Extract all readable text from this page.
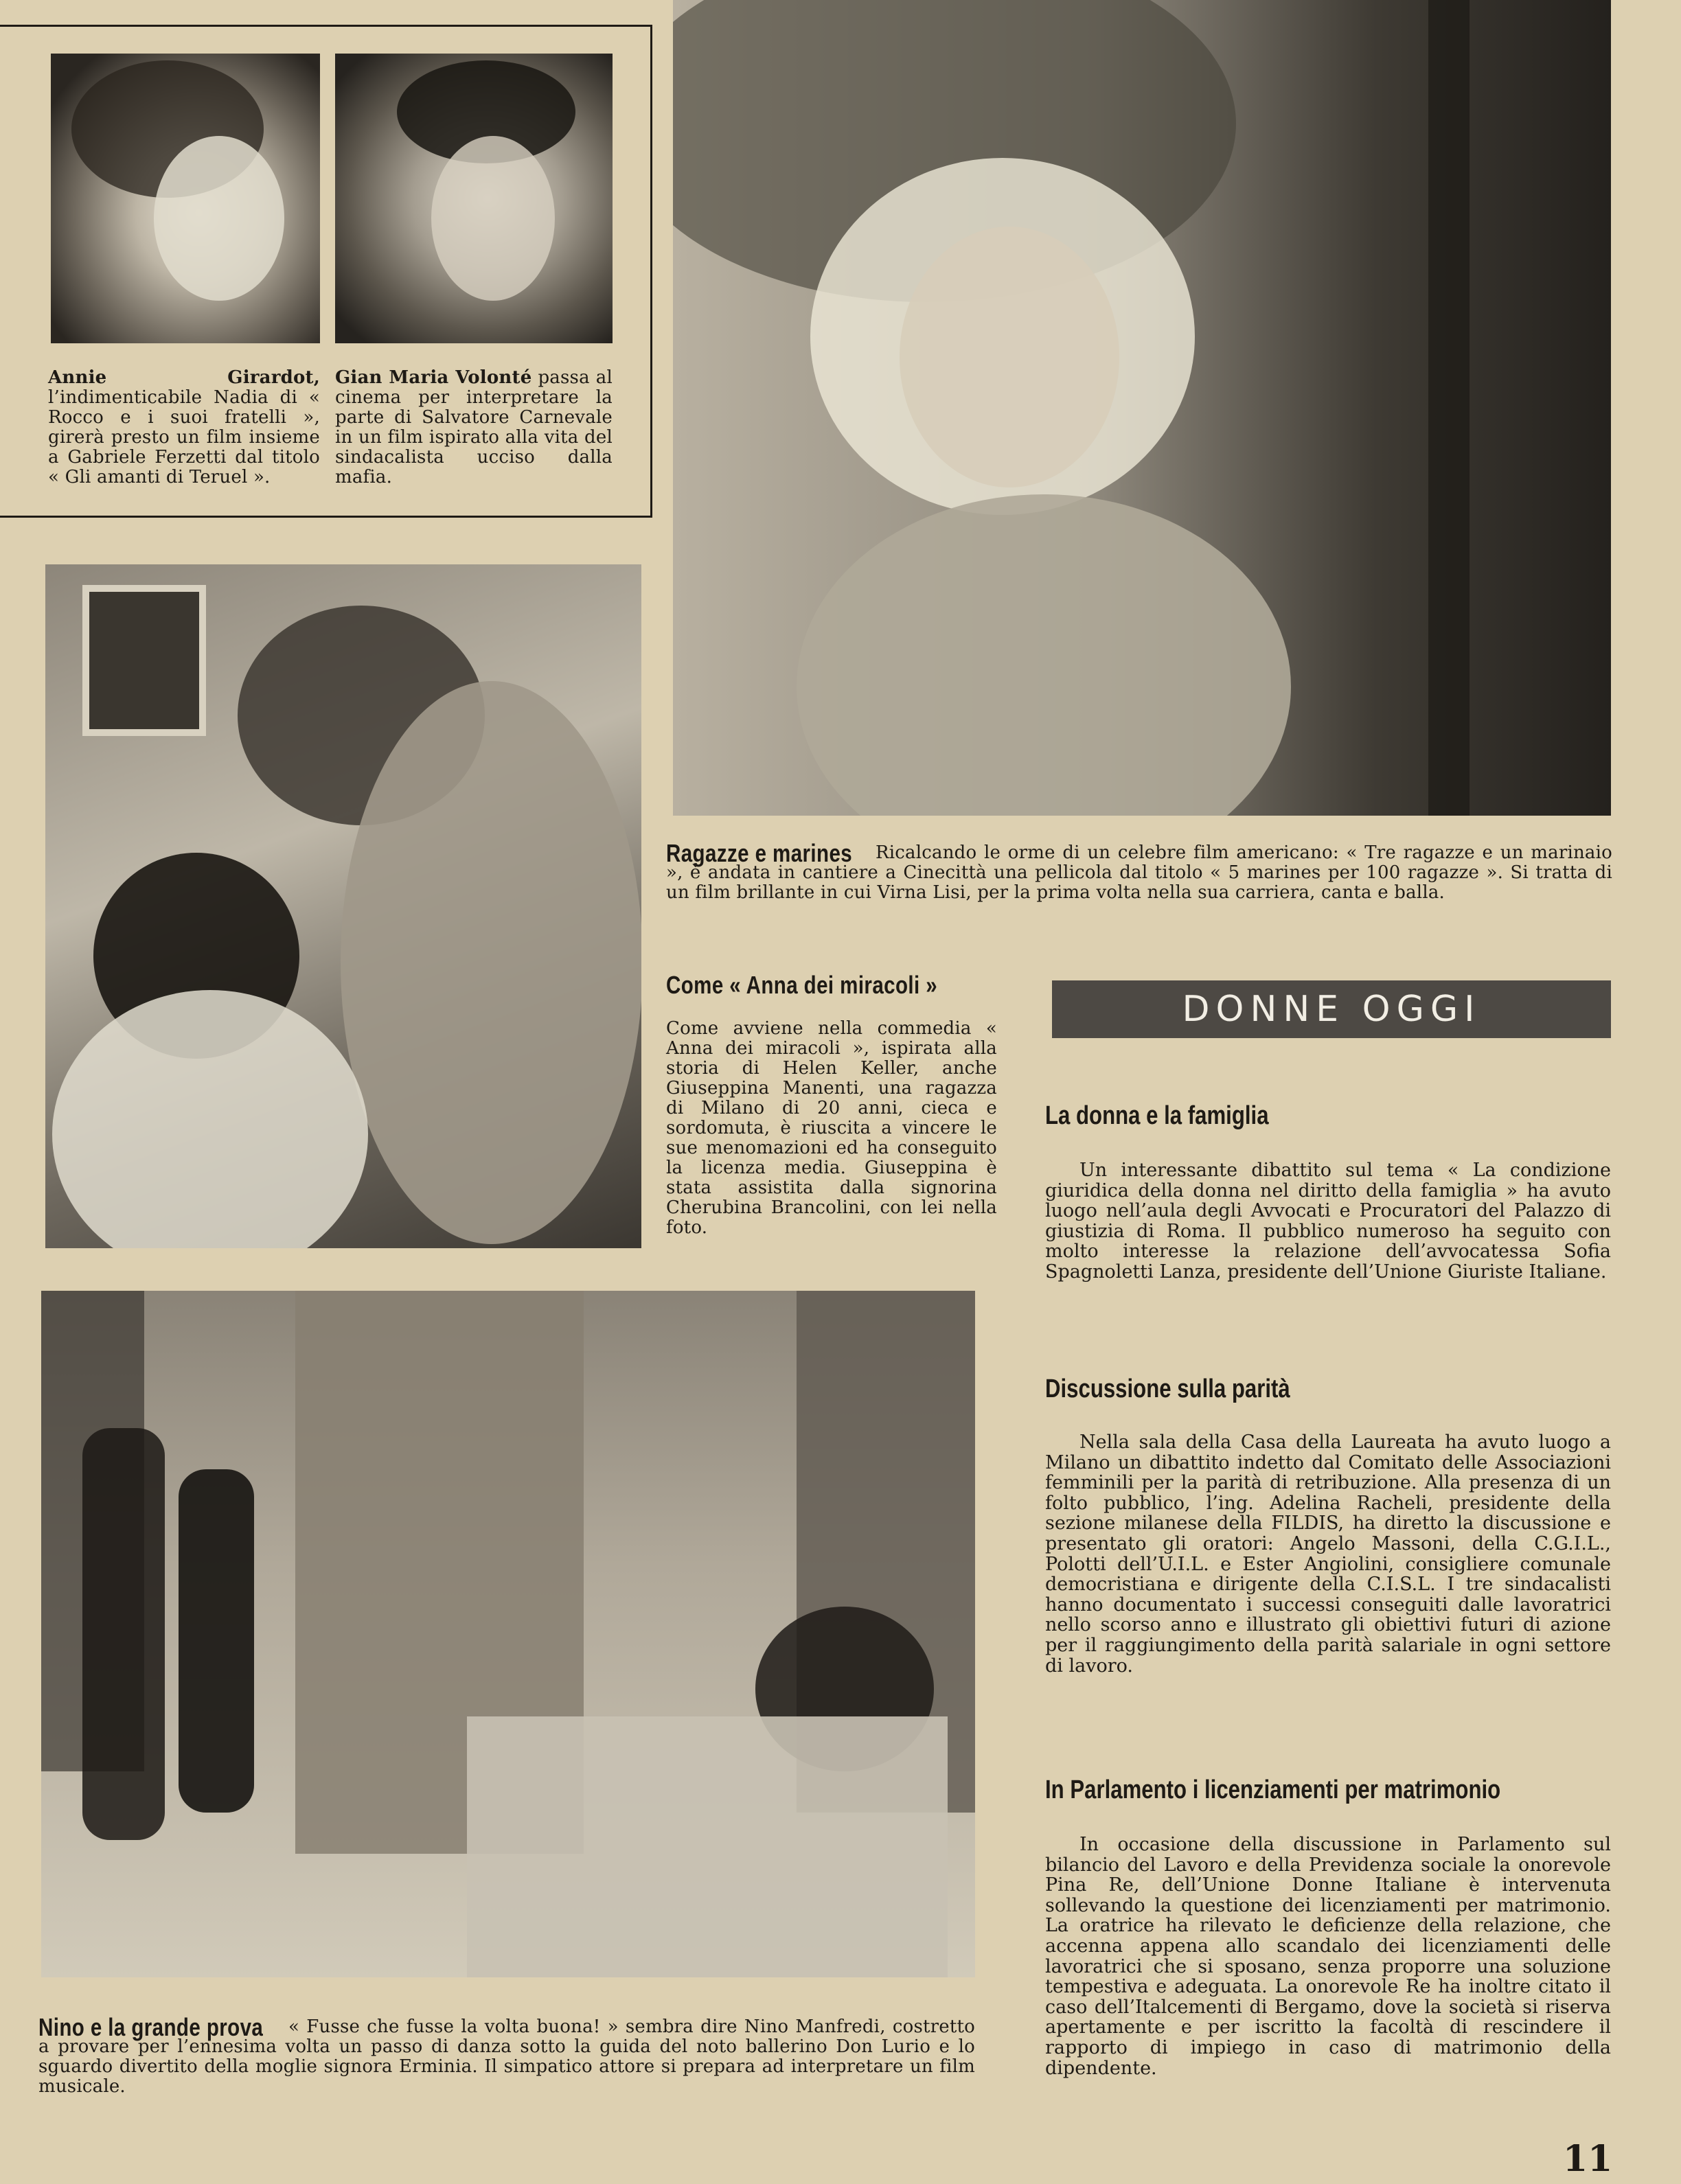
Annie Girardot, l’indimenticabile Nadia di « Rocco e i suoi fratelli », girerà presto un film insieme a Gabriele Ferzetti dal titolo « Gli amanti di Teruel ».
Gian Maria Volonté passa al cinema per interpretare la parte di Salvatore Carnevale in un film ispirato alla vita del sindacalista ucciso dalla mafia.
Ragazze e marines	Ricalcando le orme di un celebre film americano: « Tre ragazze e un marinaio », è andata in cantiere a Cinecittà una pellicola dal titolo « 5 marines per 100 ragazze ». Si tratta di un film brillante in cui Virna Lisi, per la prima volta nella sua carriera, canta e balla.
Come « Anna dei miracoli »
Come avviene nella commedia « Anna dei miracoli », ispirata alla storia di Helen Keller, anche Giuseppina Manenti, una ragazza di Milano di 20 anni, cieca e sordomuta, è riuscita a vincere le sue menomazioni ed ha conseguito la licenza media. Giuseppina è stata assistita dalla signorina Cherubina Brancolini, con lei nella foto.
DONNE OGGI
Nino e la grande prova	« Fusse che fusse la volta buona! » sembra dire Nino Manfredi, costretto a provare per l’ennesima volta un passo di danza sotto la guida del noto ballerino Don Lurio e lo sguardo divertito della moglie signora Erminia. Il simpatico attore si prepara ad interpretare un film musicale.
La donna e la famiglia
Un interessante dibattito sul tema « La condizione giuridica della donna nel diritto della famiglia » ha avuto luogo nell’aula degli Avvocati e Procuratori del Palazzo di giustizia di Roma. Il pubblico numeroso ha seguito con molto interesse la relazione dell’avvocatessa Sofia Spagnoletti Lanza, presidente dell’Unione Giuriste Italiane.
Discussione sulla parità
Nella sala della Casa della Laureata ha avuto luogo a Milano un dibattito indetto dal Comitato delle Associazioni femminili per la parità di retribuzione. Alla presenza di un folto pubblico, l’ing. Adelina Racheli, presidente della sezione milanese della FILDIS, ha diretto la discussione e presentato gli oratori: Angelo Massoni, della C.G.I.L., Polotti dell’U.I.L. e Ester Angiolini, consigliere comunale democristiana e dirigente della C.I.S.L. I tre sindacalisti hanno documentato i successi conseguiti dalle lavoratrici nello scorso anno e illustrato gli obiettivi futuri di azione per il raggiungimento della parità salariale in ogni settore di lavoro.
In Parlamento i licenziamenti per matrimonio
In occasione della discussione in Parlamento sul bilancio del Lavoro e della Previdenza sociale la onorevole Pina Re, dell’Unione Donne Italiane è intervenuta sollevando la questione dei licenziamenti per matrimonio. La oratrice ha rilevato le deficienze della relazione, che accenna appena allo scandalo dei licenziamenti delle lavoratrici che si sposano, senza proporre una soluzione tempestiva e adeguata. La onorevole Re ha inoltre citato il caso dell’Italcementi di Bergamo, dove la società si riserva apertamente e per iscritto la facoltà di rescindere il rapporto di impiego in caso di matrimonio della dipendente.
11
